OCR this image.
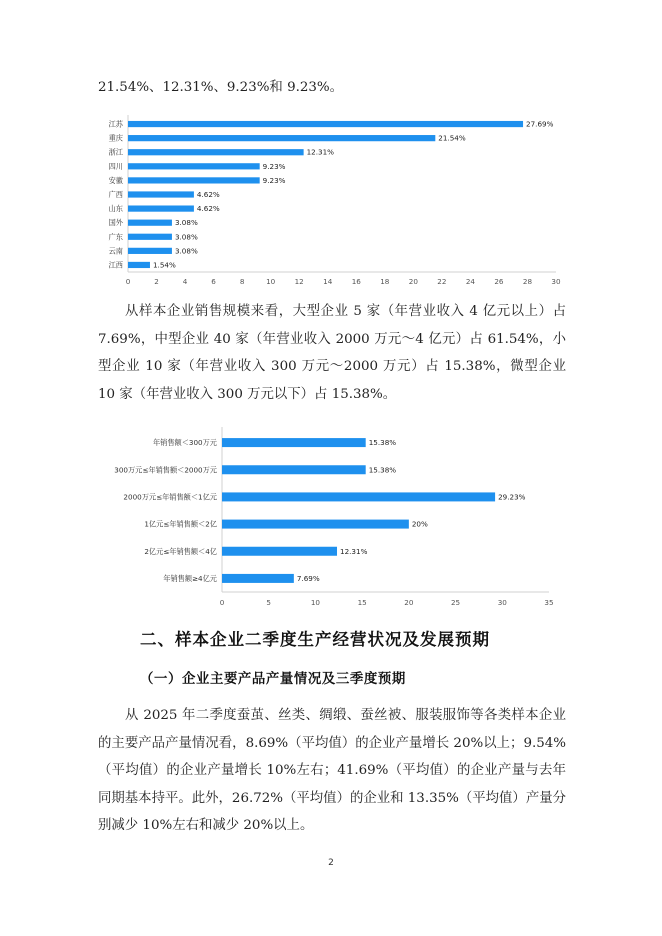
21.54%、12.31%、9.23%和 9.23%。

江苏	27.69%
重庆	21.54%
浙江	12.31%
四川	9.23%
安徽	9.23%
广西	4.62%
山东	4.62%
国外	3.08%
广东	3.08%
云南	3.08%
江西	1.54%
0	2	4	6	8	10	12	14	16	18	20	22	24	26	28	30

从样本企业销售规模来看，大型企业 5 家（年营业收入 4 亿元以上）占 7.69%，中型企业 40 家（年营业收入 2000 万元～4 亿元）占 61.54%，小型企业 10 家（年营业收入 300 万元～2000 万元）占 15.38%，微型企业 10 家（年营业收入 300 万元以下）占 15.38%。

年销售额＜300万元	15.38%
300万元≤年销售额＜2000万元	15.38%
2000万元≤年销售额＜1亿元	29.23%
1亿元≤年销售额＜2亿	20%
2亿元≤年销售额＜4亿	12.31%
年销售额≥4亿元	7.69%
0	5	10	15	20	25	30	35
二、样本企业二季度生产经营状况及发展预期
（一）企业主要产品产量情况及三季度预期

从 2025 年二季度蚕茧、丝类、绸缎、蚕丝被、服装服饰等各类样本企业的主要产品产量情况看，8.69%（平均值）的企业产量增长 20%以上；9.54%（平均值）的企业产量增长 10%左右；41.69%（平均值）的企业产量与去年同期基本持平。此外，26.72%（平均值）的企业和 13.35%（平均值）产量分别减少 10%左右和减少 20%以上。

2
